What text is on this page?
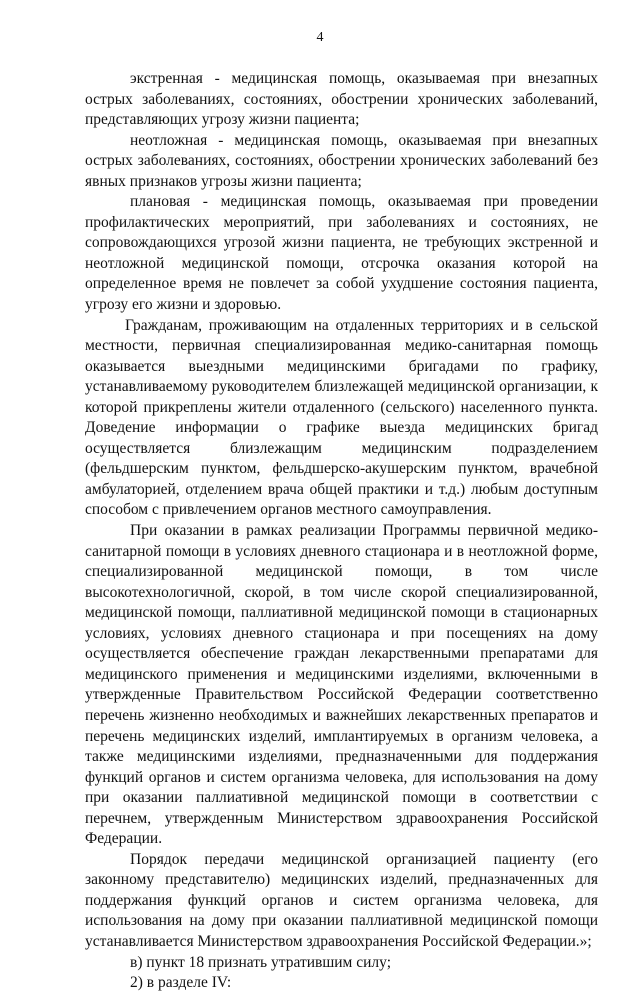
4

экстренная - медицинская помощь, оказываемая при внезапных острых заболеваниях, состояниях, обострении хронических заболеваний, представляющих угрозу жизни пациента;

неотложная - медицинская помощь, оказываемая при внезапных острых заболеваниях, состояниях, обострении хронических заболеваний без явных признаков угрозы жизни пациента;

плановая - медицинская помощь, оказываемая при проведении профилактических мероприятий, при заболеваниях и состояниях, не сопровождающихся угрозой жизни пациента, не требующих экстренной и неотложной медицинской помощи, отсрочка оказания которой на определенное время не повлечет за собой ухудшение состояния пациента, угрозу его жизни и здоровью.

Гражданам, проживающим на отдаленных территориях и в сельской местности, первичная специализированная медико-санитарная помощь оказывается выездными медицинскими бригадами по графику, устанавливаемому руководителем близлежащей медицинской организации, к которой прикреплены жители отдаленного (сельского) населенного пункта. Доведение информации о графике выезда медицинских бригад осуществляется близлежащим медицинским подразделением (фельдшерским пунктом, фельдшерско-акушерским пунктом, врачебной амбулаторией, отделением врача общей практики и т.д.) любым доступным способом с привлечением органов местного самоуправления.

При оказании в рамках реализации Программы первичной медико-санитарной помощи в условиях дневного стационара и в неотложной форме, специализированной медицинской помощи, в том числе высокотехнологичной, скорой, в том числе скорой специализированной, медицинской помощи, паллиативной медицинской помощи в стационарных условиях, условиях дневного стационара и при посещениях на дому осуществляется обеспечение граждан лекарственными препаратами для медицинского применения и медицинскими изделиями, включенными в утвержденные Правительством Российской Федерации соответственно перечень жизненно необходимых и важнейших лекарственных препаратов и перечень медицинских изделий, имплантируемых в организм человека, а также медицинскими изделиями, предназначенными для поддержания функций органов и систем организма человека, для использования на дому при оказании паллиативной медицинской помощи в соответствии с перечнем, утвержденным Министерством здравоохранения Российской Федерации.

Порядок передачи медицинской организацией пациенту (его законному представителю) медицинских изделий, предназначенных для поддержания функций органов и систем организма человека, для использования на дому при оказании паллиативной медицинской помощи устанавливается Министерством здравоохранения Российской Федерации.»;

в) пункт 18 признать утратившим силу;

2) в разделе IV:
